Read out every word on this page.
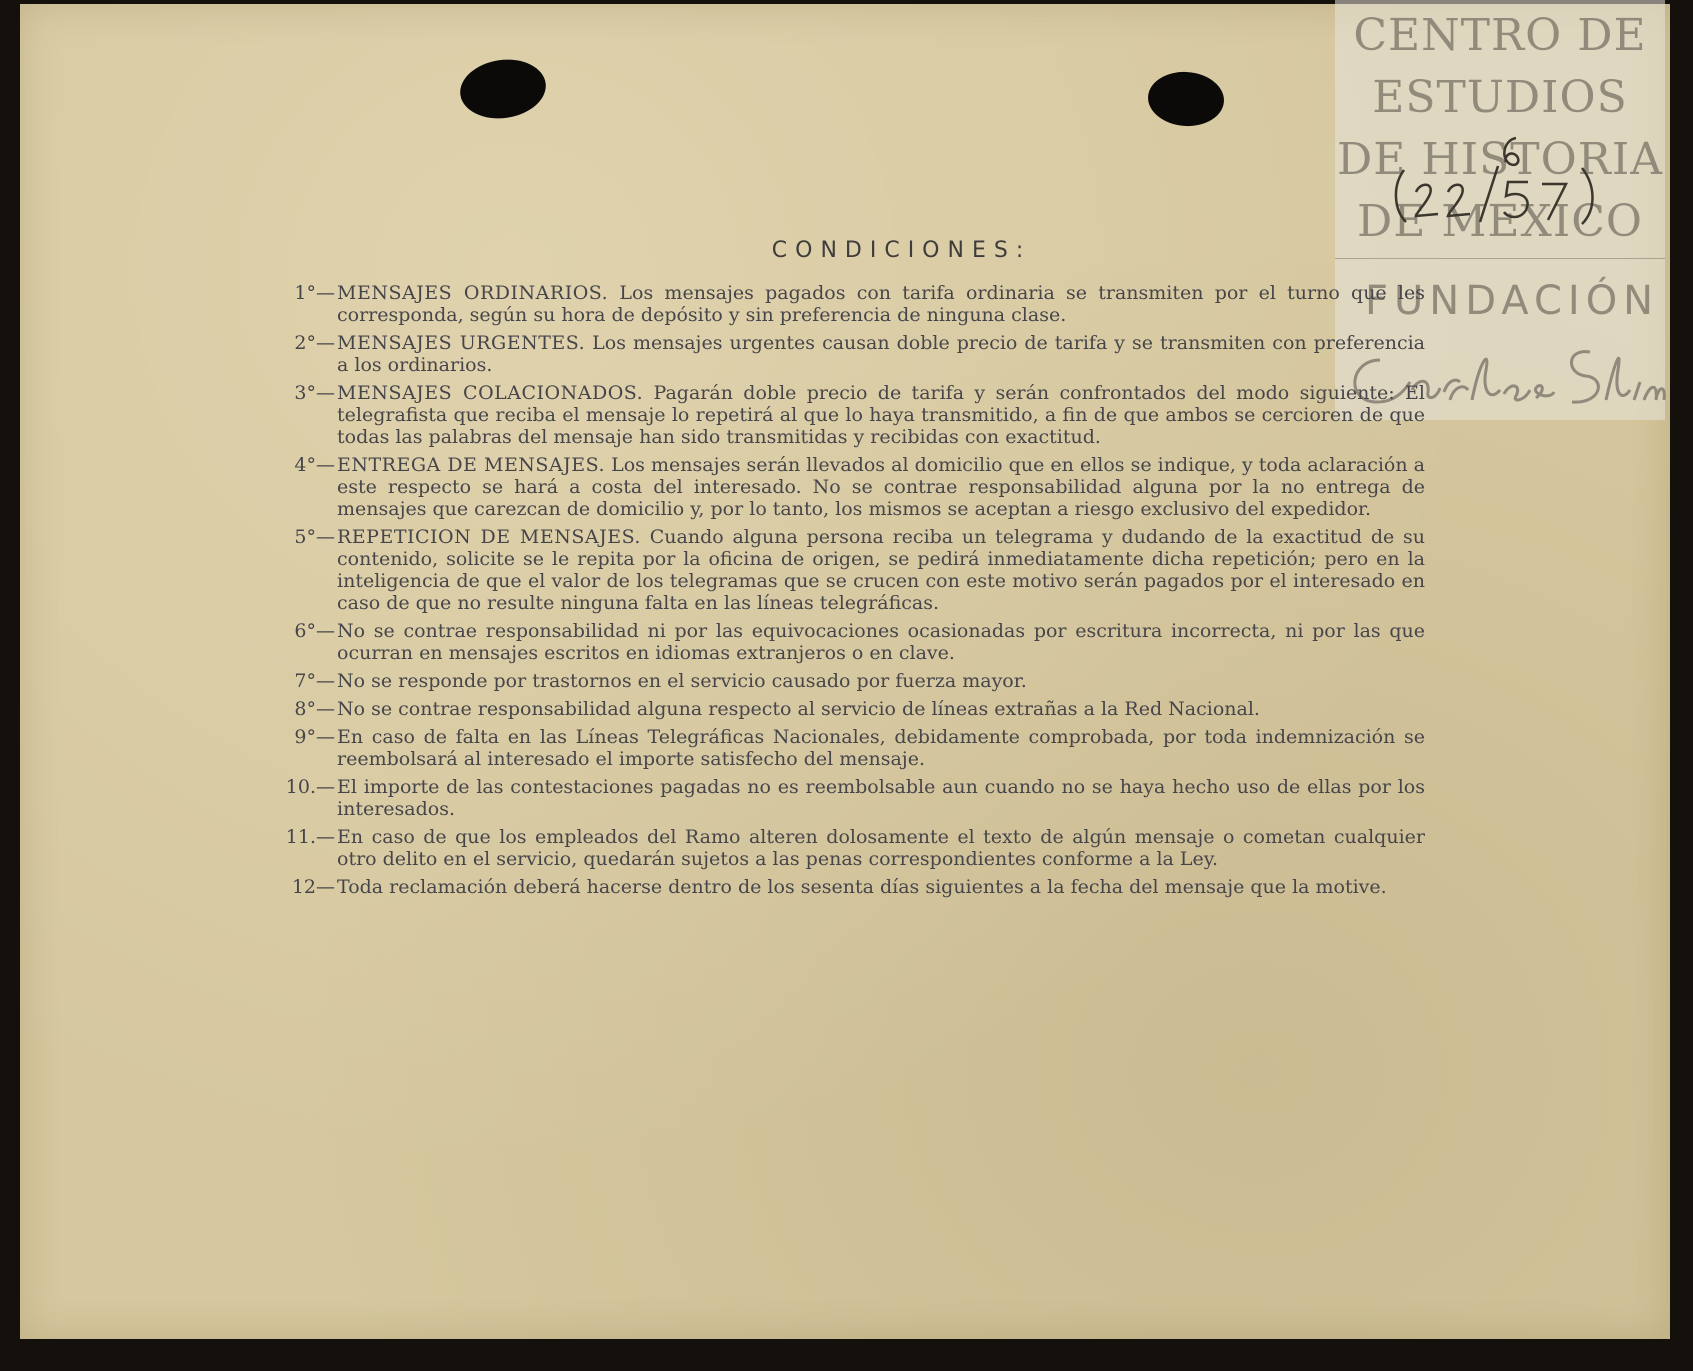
CENTRO DE
ESTUDIOS
DE HISTORIA
DE MEXICO
FUNDACIÓN
CONDICIONES:
1°— MENSAJES ORDINARIOS. Los mensajes pagados con tarifa ordinaria se transmiten por el turno que les corresponda, según su hora de depósito y sin preferencia de ninguna clase.
2°— MENSAJES URGENTES. Los mensajes urgentes causan doble precio de tarifa y se transmiten con preferencia a los ordinarios.
3°— MENSAJES COLACIONADOS. Pagarán doble precio de tarifa y serán confrontados del modo siguiente: El telegrafista que reciba el mensaje lo repetirá al que lo haya transmitido, a fin de que ambos se cercioren de que todas las palabras del mensaje han sido transmitidas y recibidas con exactitud.
4°— ENTREGA DE MENSAJES. Los mensajes serán llevados al domicilio que en ellos se indique, y toda aclaración a este respecto se hará a costa del interesado. No se contrae responsabilidad alguna por la no entrega de mensajes que carezcan de domicilio y, por lo tanto, los mismos se aceptan a riesgo exclusivo del expedidor.
5°— REPETICION DE MENSAJES. Cuando alguna persona reciba un telegrama y dudando de la exactitud de su contenido, solicite se le repita por la oficina de origen, se pedirá inmediatamente dicha repetición; pero en la inteligencia de que el valor de los telegramas que se crucen con este motivo serán pagados por el interesado en caso de que no resulte ninguna falta en las líneas telegráficas.
6°— No se contrae responsabilidad ni por las equivocaciones ocasionadas por escritura incorrecta, ni por las que ocurran en mensajes escritos en idiomas extranjeros o en clave.
7°— No se responde por trastornos en el servicio causado por fuerza mayor.
8°— No se contrae responsabilidad alguna respecto al servicio de líneas extrañas a la Red Nacional.
9°— En caso de falta en las Líneas Telegráficas Nacionales, debidamente comprobada, por toda indemnización se reembolsará al interesado el importe satisfecho del mensaje.
10.— El importe de las contestaciones pagadas no es reembolsable aun cuando no se haya hecho uso de ellas por los interesados.
11.— En caso de que los empleados del Ramo alteren dolosamente el texto de algún mensaje o cometan cualquier otro delito en el servicio, quedarán sujetos a las penas correspondientes conforme a la Ley.
12— Toda reclamación deberá hacerse dentro de los sesenta días siguientes a la fecha del mensaje que la motive.
